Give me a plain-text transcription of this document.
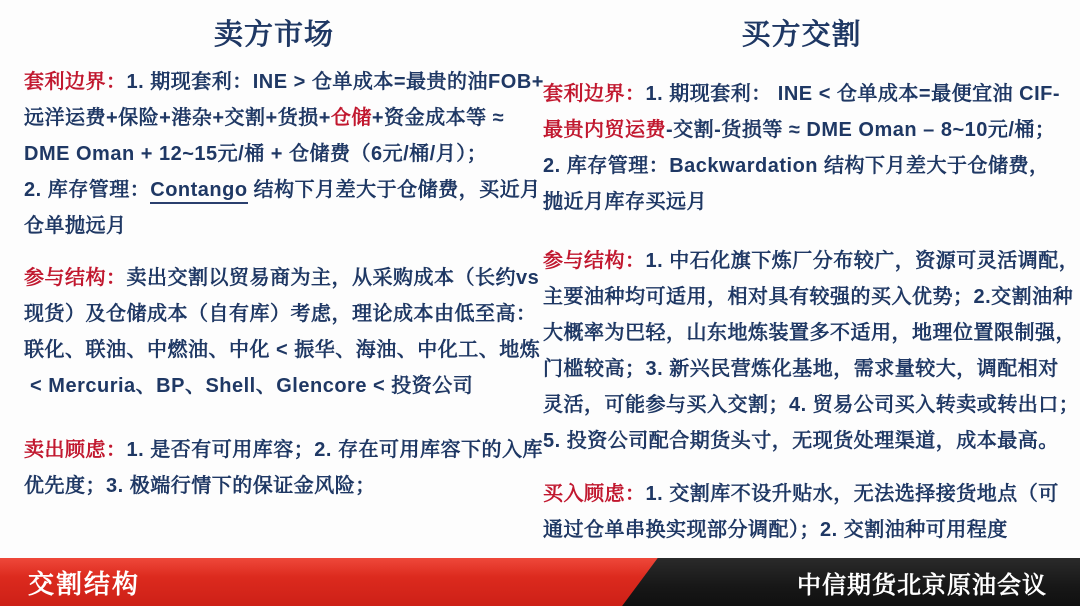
卖方市场
套利边界：1. 期现套利：INE > 仓单成本=最贵的油FOB+
远洋运费+保险+港杂+交割+货损+仓储+资金成本等 ≈
DME Oman + 12~15元/桶 + 仓储费（6元/桶/月）；
2. 库存管理：Contango 结构下月差大于仓储费，买近月
仓单抛远月
参与结构：卖出交割以贸易商为主，从采购成本（长约vs
现货）及仓储成本（自有库）考虑，理论成本由低至高：
联化、联油、中燃油、中化 < 振华、海油、中化工、地炼
< Mercuria、BP、Shell、Glencore < 投资公司
卖出顾虑：1. 是否有可用库容；2. 存在可用库容下的入库
优先度；3. 极端行情下的保证金风险；
买方交割
套利边界：1. 期现套利： INE < 仓单成本=最便宜油 CIF-
最贵内贸运费-交割-货损等 ≈ DME Oman – 8~10元/桶；
2. 库存管理：Backwardation 结构下月差大于仓储费，
抛近月库存买远月
参与结构：1. 中石化旗下炼厂分布较广，资源可灵活调配，
主要油种均可适用，相对具有较强的买入优势；2.交割油种
大概率为巴轻，山东地炼装置多不适用，地理位置限制强，
门槛较高；3. 新兴民营炼化基地，需求量较大，调配相对
灵活，可能参与买入交割；4. 贸易公司买入转卖或转出口；
5. 投资公司配合期货头寸，无现货处理渠道，成本最高。
买入顾虑：1. 交割库不设升贴水，无法选择接货地点（可
通过仓单串换实现部分调配）；2. 交割油种可用程度
交割结构	中信期货北京原油会议
